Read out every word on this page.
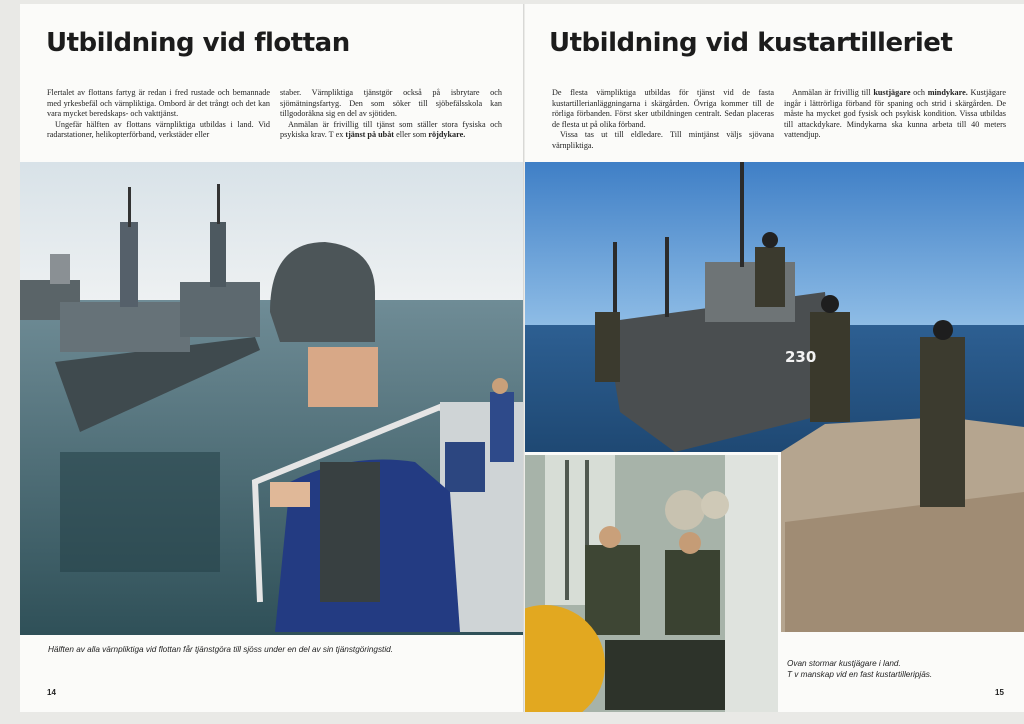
Utbildning vid flottan

Flertalet av flottans fartyg är redan i fred rustade och bemannade med yrkesbefäl och värnpliktiga. Ombord är det trångt och det kan vara mycket beredskaps- och vakttjänst.

Ungefär hälften av flottans värnpliktiga utbildas i land. Vid radarstationer, helikopterförband, verkstäder eller

staber. Värnpliktiga tjänstgör också på isbrytare och sjömätningsfartyg. Den som söker till sjöbefälsskola kan tillgodoräkna sig en del av sjötiden.

Anmälan är frivillig till tjänst som ställer stora fysiska och psykiska krav. T ex tjänst på ubåt eller som röjdykare.

Hälften av alla värnpliktiga vid flottan får tjänstgöra till sjöss under en del av sin tjänstgöringstid.
14
Utbildning vid kustartilleriet

De flesta värnpliktiga utbildas för tjänst vid de fasta kustartillerianläggningarna i skärgården. Övriga kommer till de rörliga förbanden. Först sker utbildningen centralt. Sedan placeras de flesta ut på olika förband.

Vissa tas ut till eldledare. Till mintjänst väljs sjövana värnpliktiga.

Anmälan är frivillig till kustjägare och mindykare. Kustjägare ingår i lättrörliga förband för spaning och strid i skärgården. De måste ha mycket god fysisk och psykisk kondition. Vissa utbildas till attackdykare. Mindykarna ska kunna arbeta till 40 meters vattendjup.

230
Ovan stormar kustjägare i land.
T v manskap vid en fast kustartilleripjäs.
15
